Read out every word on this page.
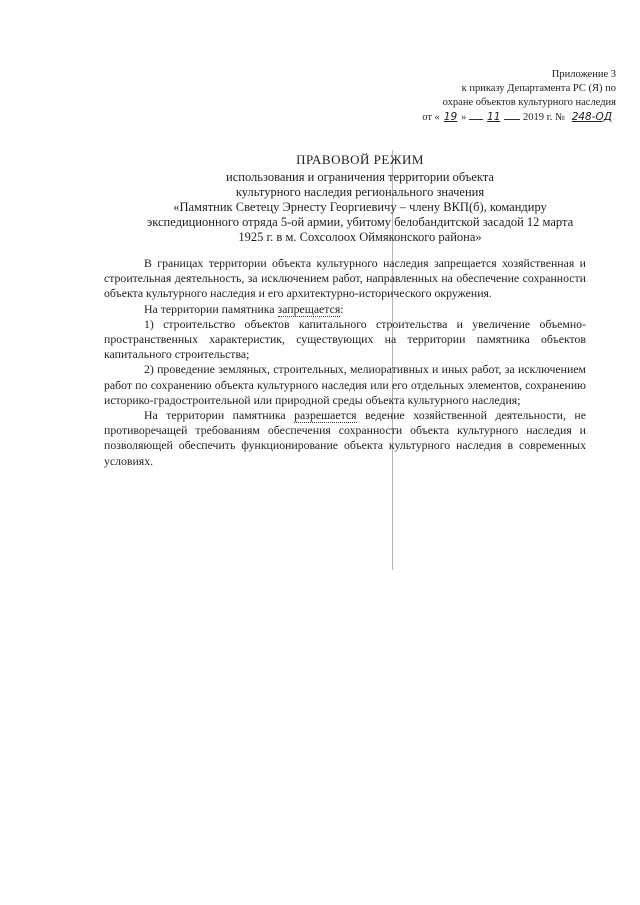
Приложение 3
к приказу Департамента РС (Я) по
охране объектов культурного наследия
от « 19 » 11 2019 г. № 248-ОД
ПРАВОВОЙ РЕЖИМ
использования и ограничения территории объекта
культурного наследия регионального значения
«Памятник Светецу Эрнесту Георгиевичу – члену ВКП(б), командиру
экспедиционного отряда 5-ой армии, убитому белобандитской засадой 12 марта
1925 г. в м. Сохсолоох Оймяконского района»

В границах территории объекта культурного наследия запрещается хозяйственная и строительная деятельность, за исключением работ, направленных на обеспечение сохранности объекта культурного наследия и его архитектурно-исторического окружения.

На территории памятника запрещается:

1) строительство объектов капитального строительства и увеличение объемно- пространственных характеристик, существующих на территории памятника объектов капитального строительства;

2) проведение земляных, строительных, мелиоративных и иных работ, за исключением работ по сохранению объекта культурного наследия или его отдельных элементов, сохранению историко-градостроительной или природной среды объекта культурного наследия;

На территории памятника разрешается ведение хозяйственной деятельности, не противоречащей требованиям обеспечения сохранности объекта культурного наследия и позволяющей обеспечить функционирование объекта культурного наследия в современных условиях.
